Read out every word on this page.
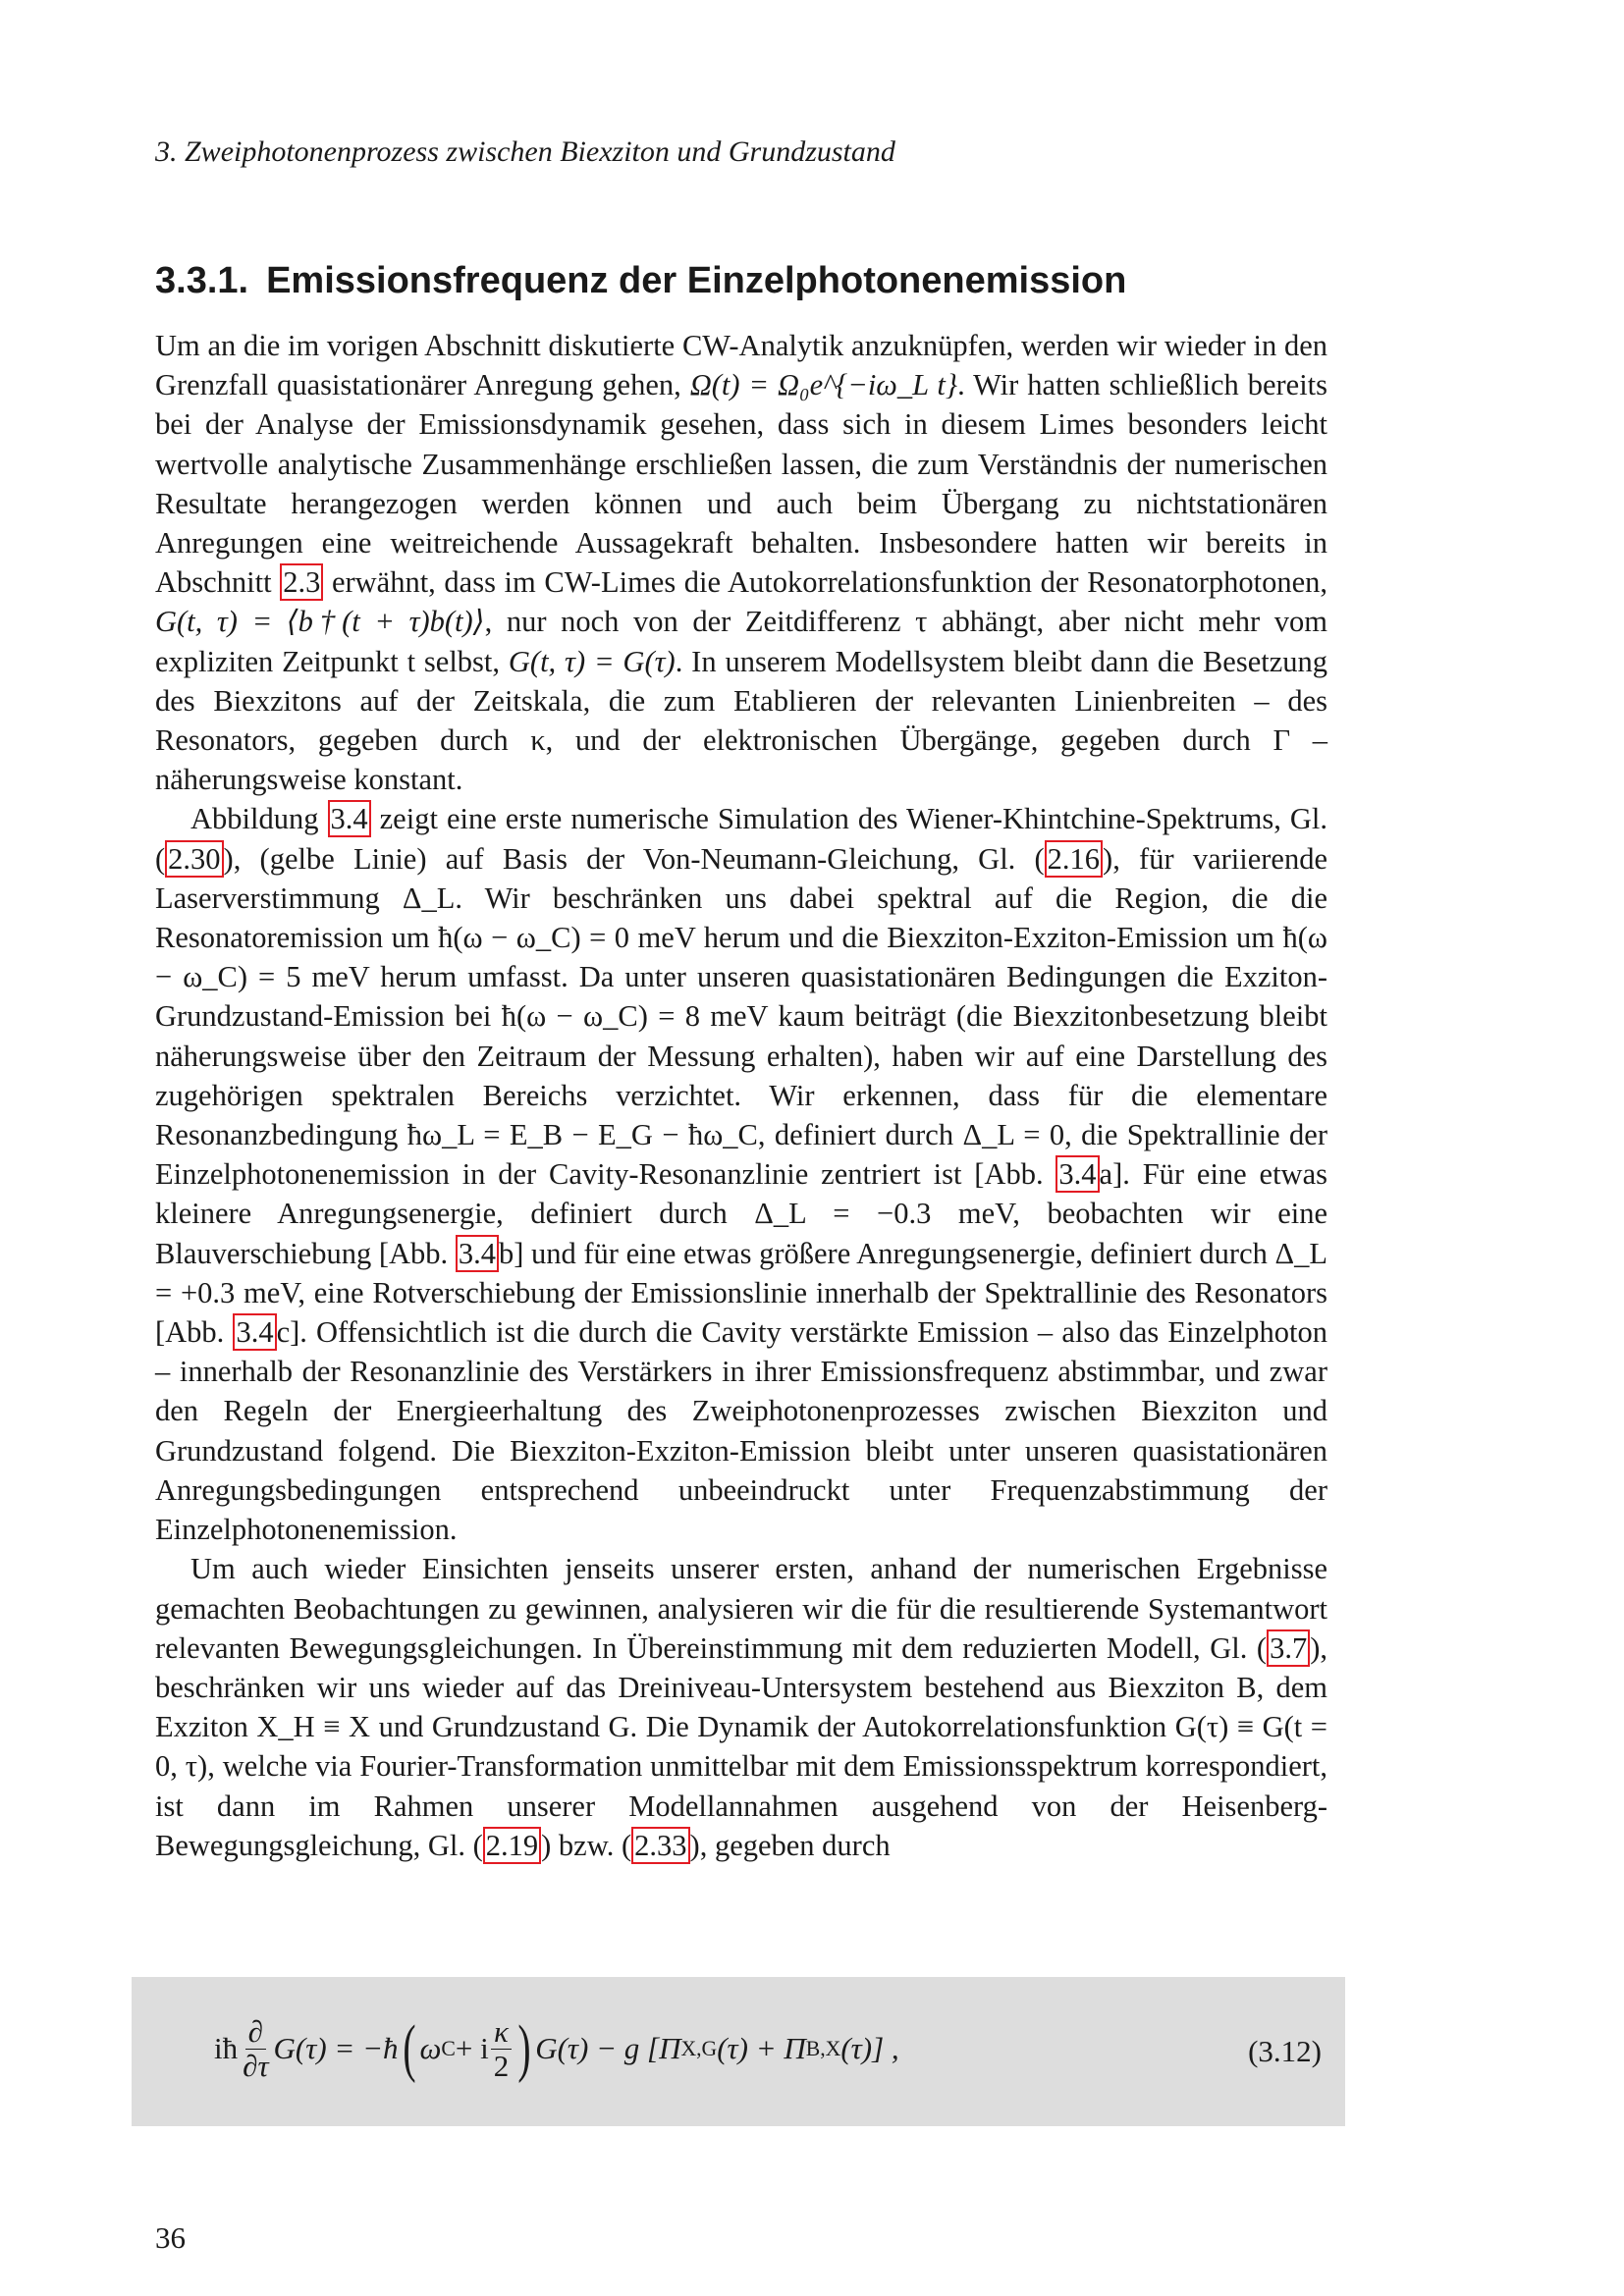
3. Zweiphotonenprozess zwischen Biexziton und Grundzustand
3.3.1. Emissionsfrequenz der Einzelphotonenemission

Um an die im vorigen Abschnitt diskutierte CW-Analytik anzuknüpfen, werden wir wieder in den Grenzfall quasistationärer Anregung gehen, Ω(t) = Ω₀e^{−iω_L t}. Wir hatten schließlich bereits bei der Analyse der Emissionsdynamik gesehen, dass sich in diesem Limes besonders leicht wertvolle analytische Zusammenhänge erschließen lassen, die zum Verständnis der numerischen Resultate herangezogen werden können und auch beim Übergang zu nichtstationären Anregungen eine weitreichende Aussagekraft behalten. Insbesondere hatten wir bereits in Abschnitt 2.3 erwähnt, dass im CW-Limes die Autokorrelationsfunktion der Resonatorphotonen, G(t, τ) = ⟨b†(t + τ)b(t)⟩, nur noch von der Zeitdifferenz τ abhängt, aber nicht mehr vom expliziten Zeitpunkt t selbst, G(t, τ) = G(τ). In unserem Modellsystem bleibt dann die Besetzung des Biexzitons auf der Zeitskala, die zum Etablieren der relevanten Linienbreiten – des Resonators, gegeben durch κ, und der elektronischen Übergänge, gegeben durch Γ – näherungsweise konstant.

Abbildung 3.4 zeigt eine erste numerische Simulation des Wiener-Khintchine-Spektrums, Gl. (2.30), (gelbe Linie) auf Basis der Von-Neumann-Gleichung, Gl. (2.16), für variierende Laserverstimmung Δ_L. Wir beschränken uns dabei spektral auf die Region, die die Resonatoremission um ħ(ω − ω_C) = 0 meV herum und die Biexziton-Exziton-Emission um ħ(ω − ω_C) = 5 meV herum umfasst. Da unter unseren quasistationären Bedingungen die Exziton-Grundzustand-Emission bei ħ(ω − ω_C) = 8 meV kaum beiträgt (die Biexzitonbesetzung bleibt näherungsweise über den Zeitraum der Messung erhalten), haben wir auf eine Darstellung des zugehörigen spektralen Bereichs verzichtet. Wir erkennen, dass für die elementare Resonanzbedingung ħω_L = E_B − E_G − ħω_C, definiert durch Δ_L = 0, die Spektrallinie der Einzelphotonenemission in der Cavity-Resonanzlinie zentriert ist [Abb. 3.4a]. Für eine etwas kleinere Anregungsenergie, definiert durch Δ_L = −0.3 meV, beobachten wir eine Blauverschiebung [Abb. 3.4b] und für eine etwas größere Anregungsenergie, definiert durch Δ_L = +0.3 meV, eine Rotverschiebung der Emissionslinie innerhalb der Spektrallinie des Resonators [Abb. 3.4c]. Offensichtlich ist die durch die Cavity verstärkte Emission – also das Einzelphoton – innerhalb der Resonanzlinie des Verstärkers in ihrer Emissionsfrequenz abstimmbar, und zwar den Regeln der Energieerhaltung des Zweiphotonenprozesses zwischen Biexziton und Grundzustand folgend. Die Biexziton-Exziton-Emission bleibt unter unseren quasistationären Anregungsbedingungen entsprechend unbeeindruckt unter Frequenzabstimmung der Einzelphotonenemission.

Um auch wieder Einsichten jenseits unserer ersten, anhand der numerischen Ergebnisse gemachten Beobachtungen zu gewinnen, analysieren wir die für die resultierende Systemantwort relevanten Bewegungsgleichungen. In Übereinstimmung mit dem reduzierten Modell, Gl. (3.7), beschränken wir uns wieder auf das Dreiniveau-Untersystem bestehend aus Biexziton B, dem Exziton X_H ≡ X und Grundzustand G. Die Dynamik der Autokorrelationsfunktion G(τ) ≡ G(t = 0, τ), welche via Fourier-Transformation unmittelbar mit dem Emissionsspektrum korrespondiert, ist dann im Rahmen unserer Modellannahmen ausgehend von der Heisenberg-Bewegungsgleichung, Gl. (2.19) bzw. (2.33), gegeben durch

iħ $\frac{\partial}{\partial\tau} G(\tau)$ = −ħ ( ω C + i $\frac{\kappa}{2}$ ) G(τ) − g [Π X,G (τ) + Π B,X (τ)] ,	(3.12)
36
